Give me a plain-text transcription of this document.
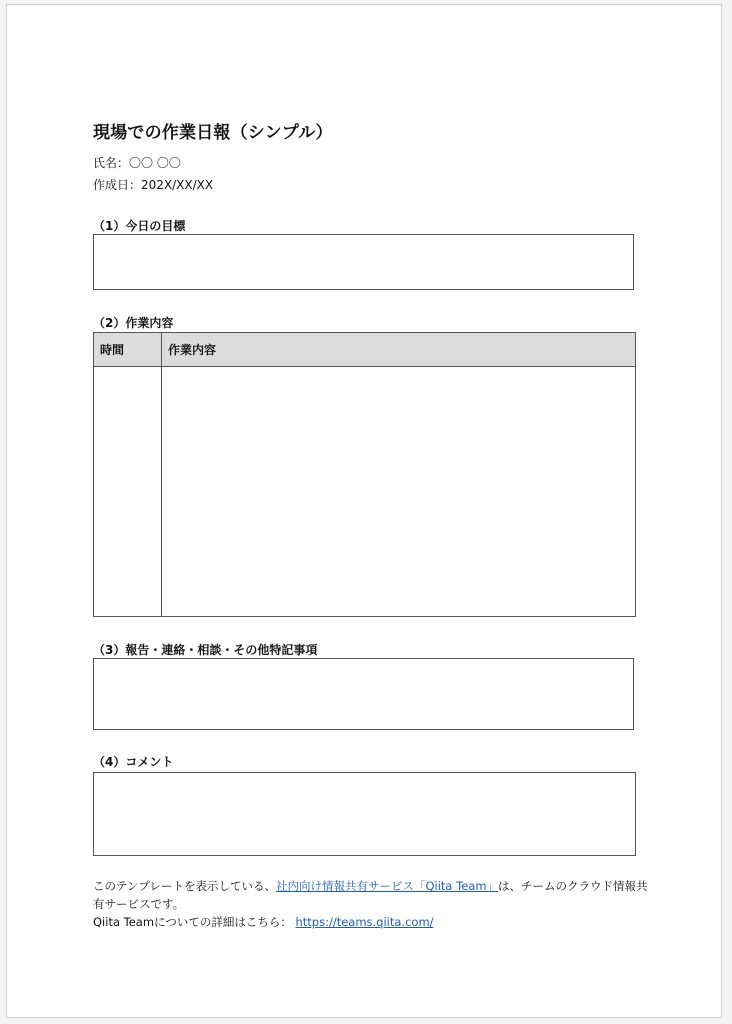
現場での作業日報（シンプル）
氏名：〇〇 〇〇
作成日：202X/XX/XX
（1）今日の目標
（2）作業内容
時間	作業内容

（3）報告・連絡・相談・その他特記事項
（4）コメント
このテンプレートを表示している、社内向け情報共有サービス「Qiita Team」は、チームのクラウド情報共有サービスです。
Qiita Teamについての詳細はこちら： https://teams.qiita.com/
